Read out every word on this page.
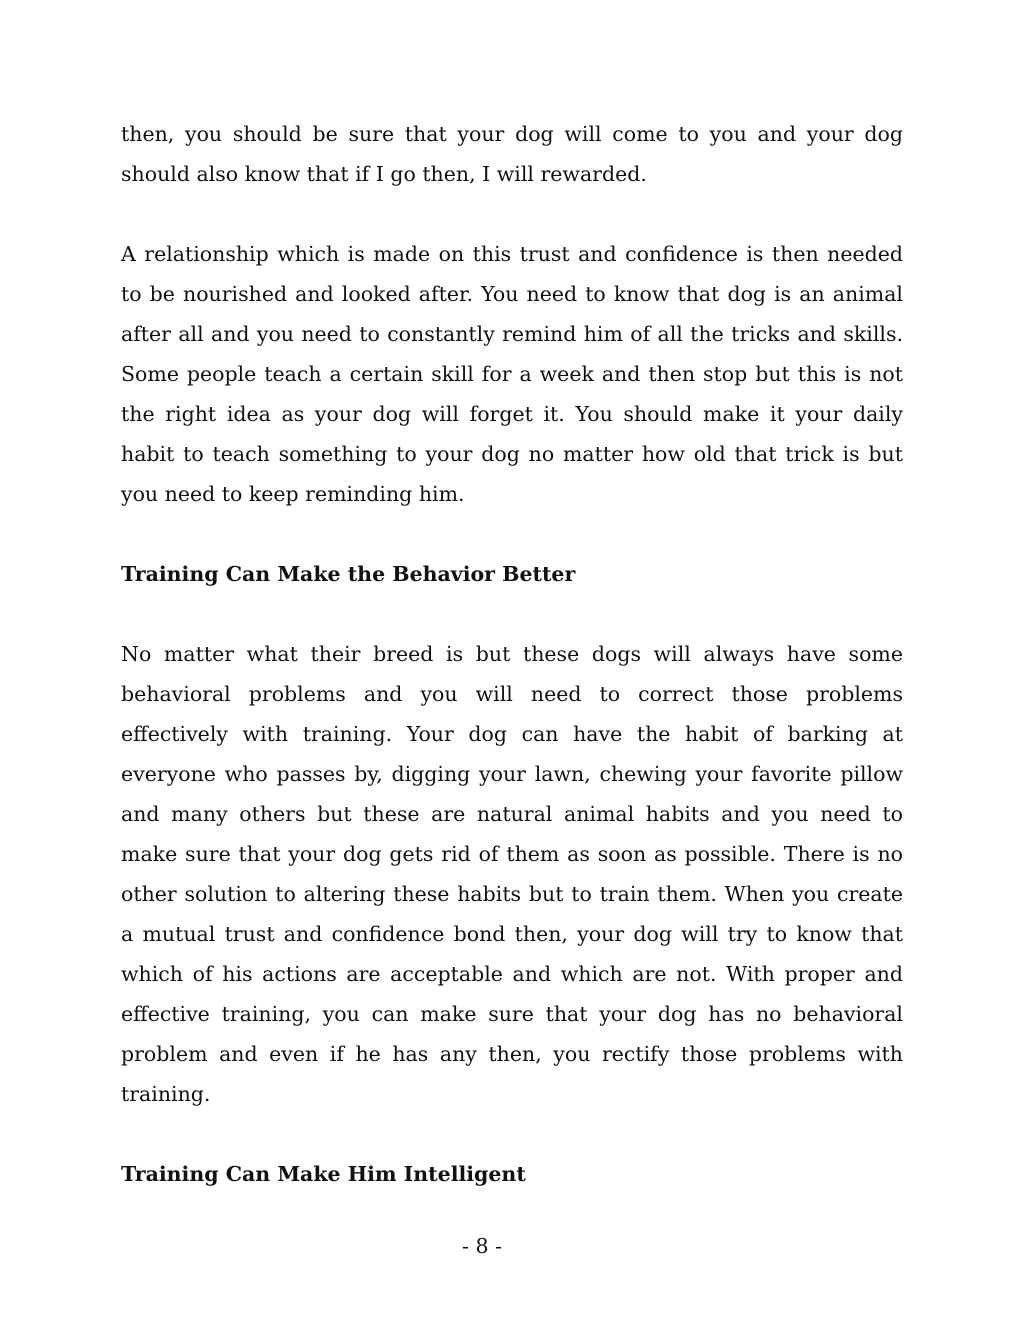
then, you should be sure that your dog will come to you and your dog should also know that if I go then, I will rewarded.

A relationship which is made on this trust and confidence is then needed to be nourished and looked after. You need to know that dog is an animal after all and you need to constantly remind him of all the tricks and skills. Some people teach a certain skill for a week and then stop but this is not the right idea as your dog will forget it. You should make it your daily habit to teach something to your dog no matter how old that trick is but you need to keep reminding him.

Training Can Make the Behavior Better

No matter what their breed is but these dogs will always have some behavioral problems and you will need to correct those problems effectively with training. Your dog can have the habit of barking at everyone who passes by, digging your lawn, chewing your favorite pillow and many others but these are natural animal habits and you need to make sure that your dog gets rid of them as soon as possible. There is no other solution to altering these habits but to train them. When you create a mutual trust and confidence bond then, your dog will try to know that which of his actions are acceptable and which are not. With proper and effective training, you can make sure that your dog has no behavioral problem and even if he has any then, you rectify those problems with training.

Training Can Make Him Intelligent
- 8 -
